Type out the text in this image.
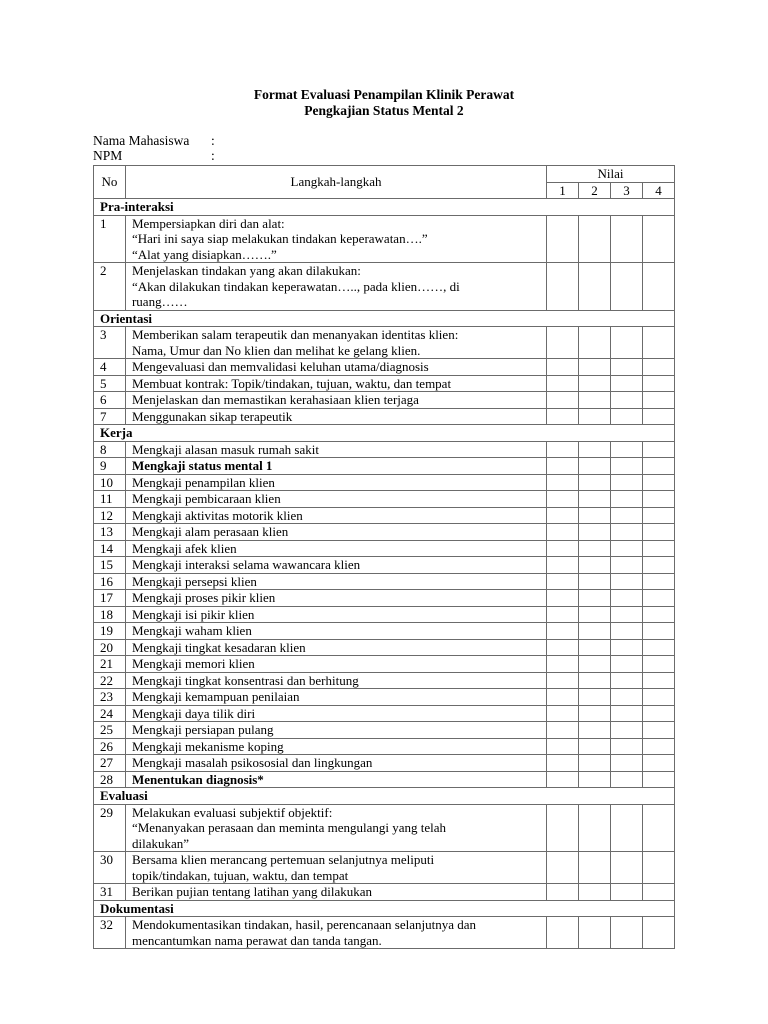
Format Evaluasi Penampilan Klinik Perawat
Pengkajian Status Mental 2
Nama Mahasiswa :
NPM	:
No	Langkah-langkah	Nilai			
		1	2	3	4
Pra-interaksi					
1	Mempersiapkan diri dan alat:
“Hari ini saya siap melakukan tindakan keperawatan….”
“Alat yang disiapkan…….”				

2	Menjelaskan tindakan yang akan dilakukan:
“Akan dilakukan tindakan keperawatan….., pada klien……, di
ruang……				

Orientasi					
3	Memberikan salam terapeutik dan menanyakan identitas klien:
Nama, Umur dan No klien dan melihat ke gelang klien.				

4	Mengevaluasi dan memvalidasi keluhan utama/diagnosis				

5	Membuat kontrak: Topik/tindakan, tujuan, waktu, dan tempat				

6	Menjelaskan dan memastikan kerahasiaan klien terjaga				

7	Menggunakan sikap terapeutik				

Kerja					
8	Mengkaji alasan masuk rumah sakit				

9	Mengkaji status mental 1				

10	Mengkaji penampilan klien				

11	Mengkaji pembicaraan klien				

12	Mengkaji aktivitas motorik klien				

13	Mengkaji alam perasaan klien				

14	Mengkaji afek klien				

15	Mengkaji interaksi selama wawancara klien				

16	Mengkaji persepsi klien				

17	Mengkaji proses pikir klien				

18	Mengkaji isi pikir klien				

19	Mengkaji waham klien				

20	Mengkaji tingkat kesadaran klien				

21	Mengkaji memori klien				

22	Mengkaji tingkat konsentrasi dan berhitung				

23	Mengkaji kemampuan penilaian				

24	Mengkaji daya tilik diri				

25	Mengkaji persiapan pulang				

26	Mengkaji mekanisme koping				

27	Mengkaji masalah psikososial dan lingkungan				

28	Menentukan diagnosis*				

Evaluasi					
29	Melakukan evaluasi subjektif objektif:
“Menanyakan perasaan dan meminta mengulangi yang telah
dilakukan”				

30	Bersama klien merancang pertemuan selanjutnya meliputi
topik/tindakan, tujuan, waktu, dan tempat				

31	Berikan pujian tentang latihan yang dilakukan				

Dokumentasi					
32	Mendokumentasikan tindakan, hasil, perencanaan selanjutnya dan
mencantumkan nama perawat dan tanda tangan.				
